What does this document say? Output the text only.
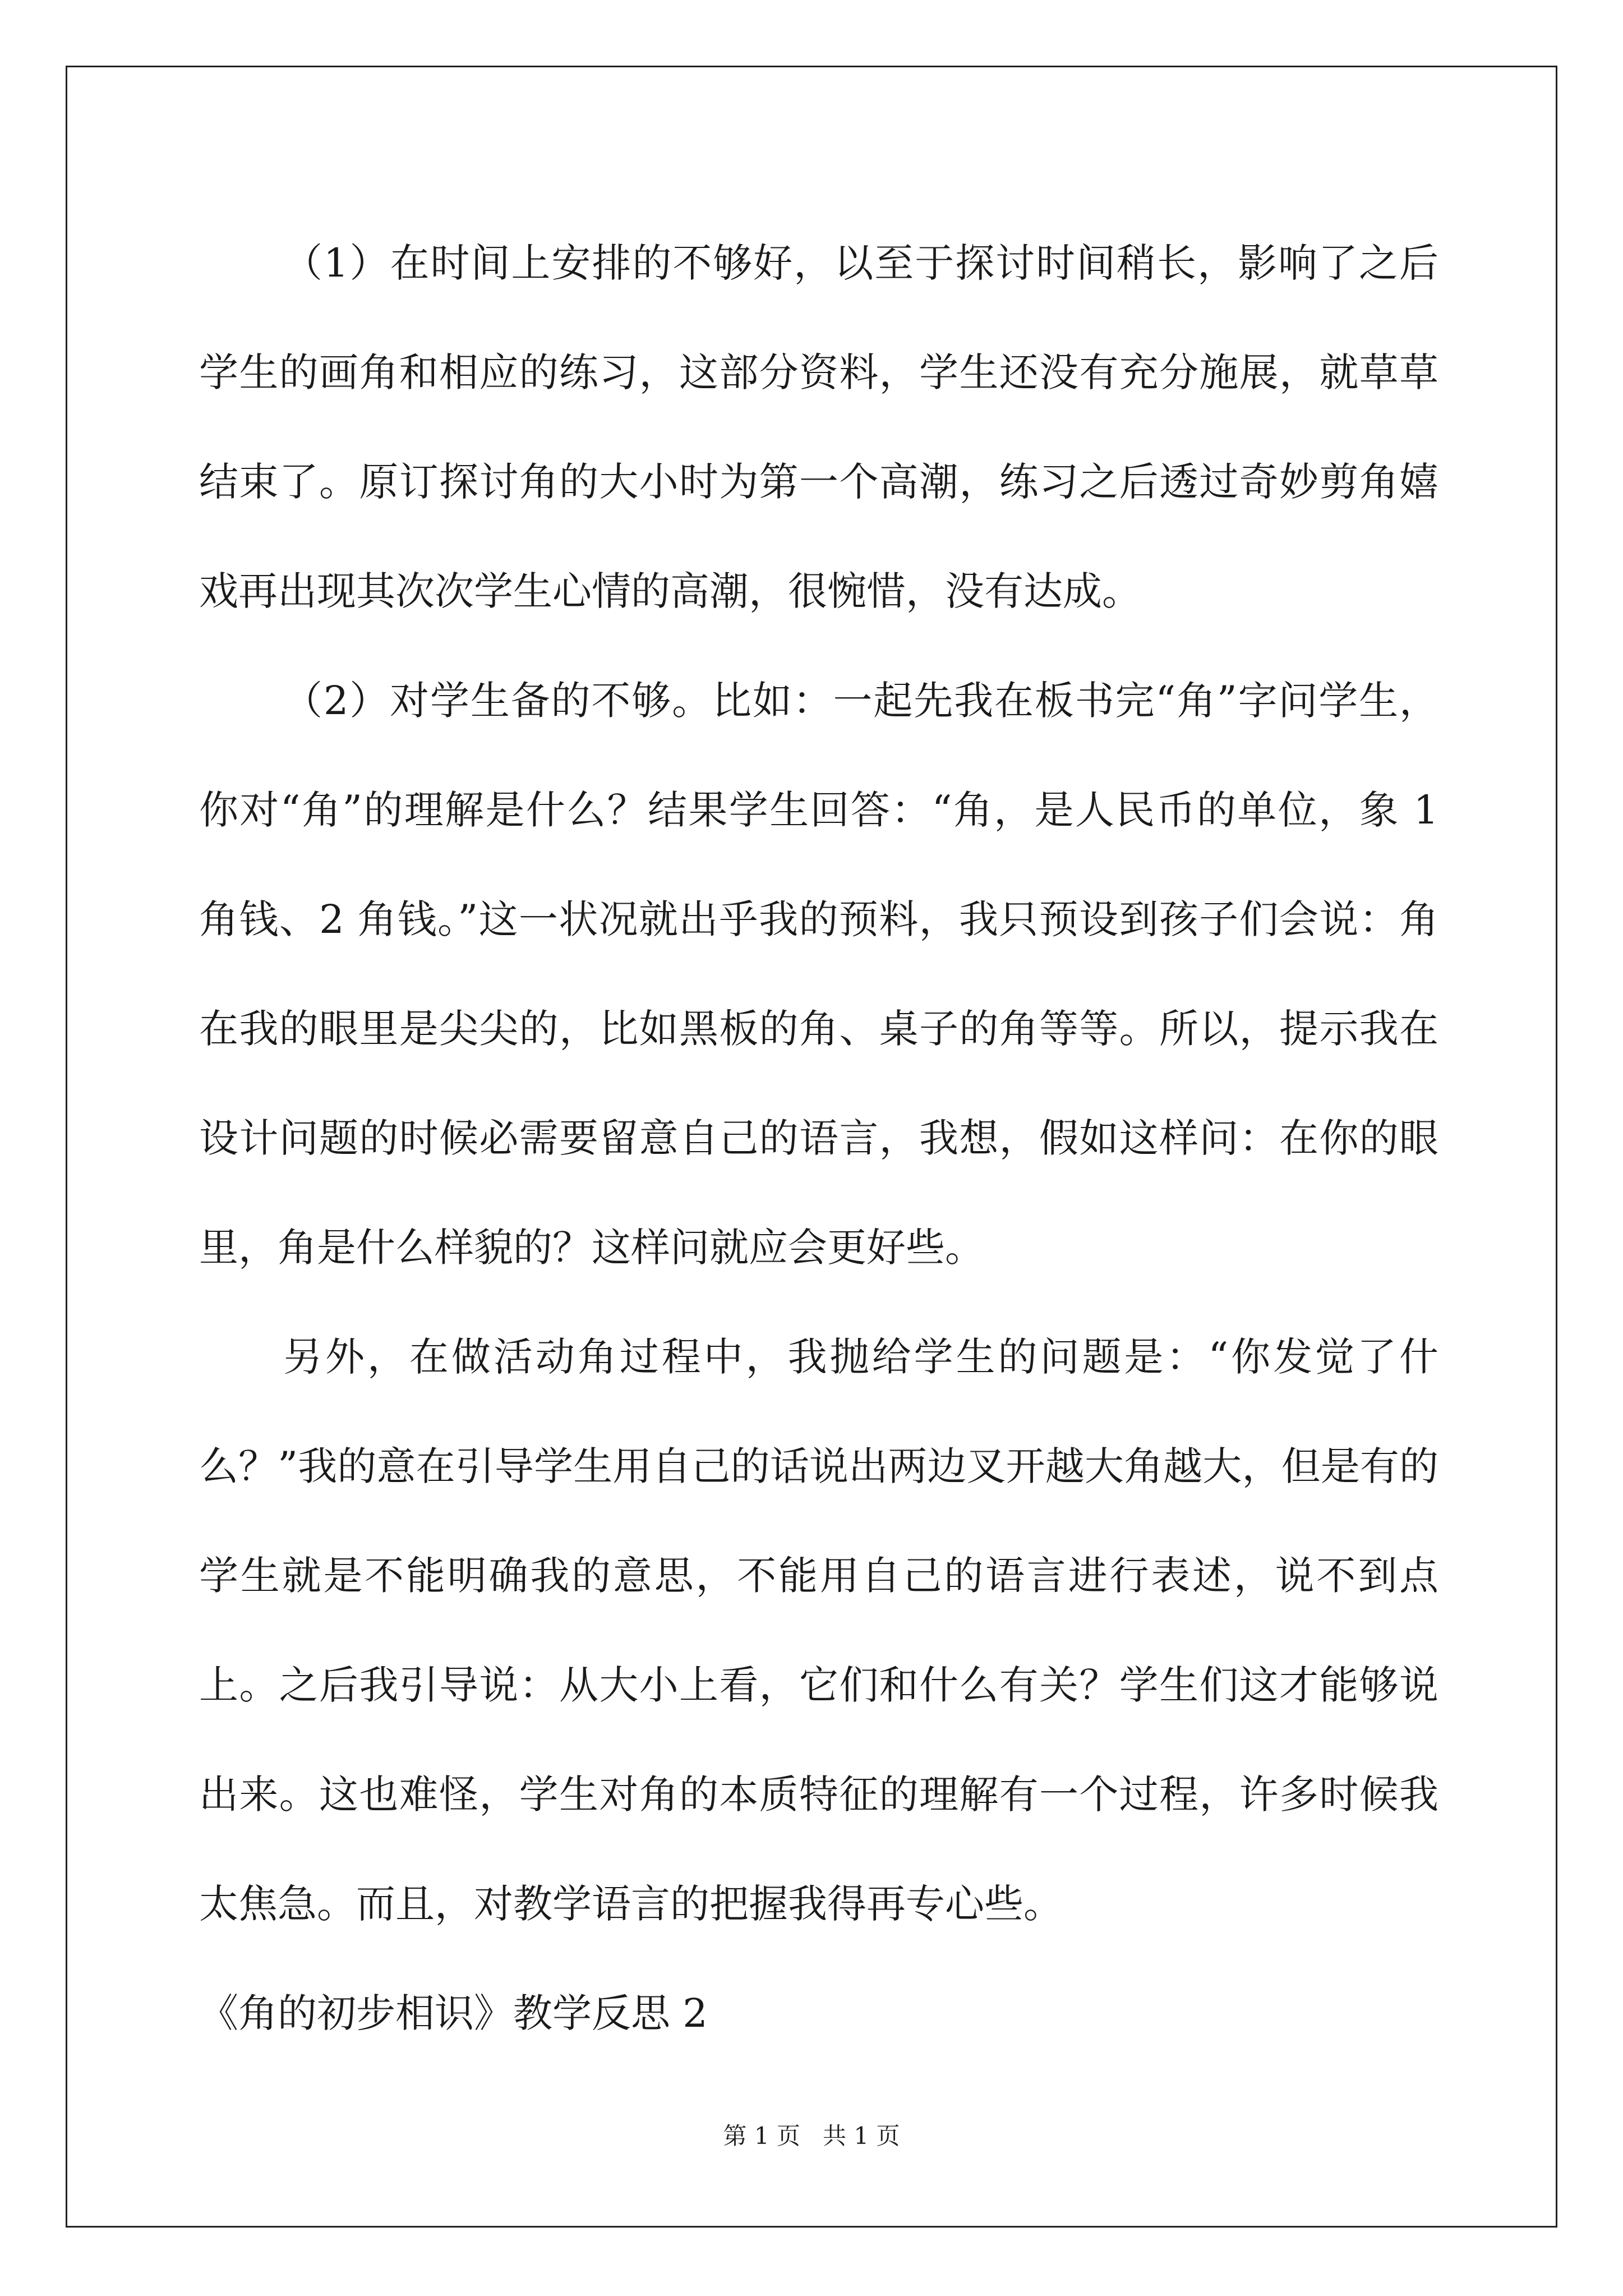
（1）在时间上安排的不够好，以至于探讨时间稍长，影响了之后学生的画角和相应的练习，这部分资料，学生还没有充分施展，就草草结束了。原订探讨角的大小时为第一个高潮，练习之后透过奇妙剪角嬉戏再出现其次次学生心情的高潮，很惋惜，没有达成。

（2）对学生备的不够。比如：一起先我在板书完“角”字问学生，你对“角”的理解是什么？结果学生回答：“角，是人民币的单位，象 1 角钱、2 角钱。”这一状况就出乎我的预料，我只预设到孩子们会说：角在我的眼里是尖尖的，比如黑板的角、桌子的角等等。所以，提示我在设计问题的时候必需要留意自己的语言，我想，假如这样问：在你的眼里，角是什么样貌的？这样问就应会更好些。

另外，在做活动角过程中，我抛给学生的问题是：“你发觉了什么？”我的意在引导学生用自己的话说出两边叉开越大角越大，但是有的学生就是不能明确我的意思，不能用自己的语言进行表述，说不到点上。之后我引导说：从大小上看，它们和什么有关？学生们这才能够说出来。这也难怪，学生对角的本质特征的理解有一个过程，许多时候我太焦急。而且，对教学语言的把握我得再专心些。

《角的初步相识》教学反思 2

第 1 页 共 1 页
